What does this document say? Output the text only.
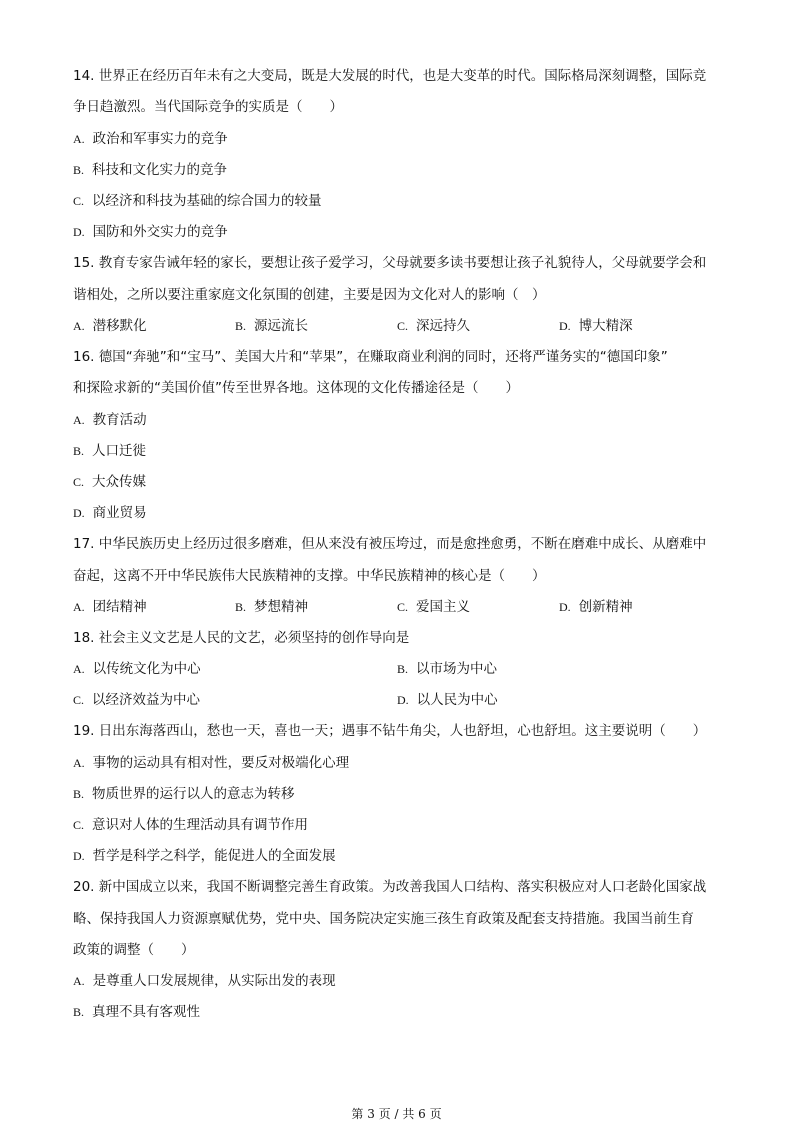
14. 世界正在经历百年未有之大变局，既是大发展的时代，也是大变革的时代。国际格局深刻调整，国际竞
争日趋激烈。当代国际竞争的实质是（　　）
A. 政治和军事实力的竞争
B. 科技和文化实力的竞争
C. 以经济和科技为基础的综合国力的较量
D. 国防和外交实力的竞争
15. 教育专家告诫年轻的家长，要想让孩子爱学习，父母就要多读书要想让孩子礼貌待人，父母就要学会和
谐相处，之所以要注重家庭文化氛围的创建，主要是因为文化对人的影响（　）
A. 潜移默化	B. 源远流长	C. 深远持久	D. 博大精深
16. 德国“奔驰”和“宝马”、美国大片和“苹果”，在赚取商业利润的同时，还将严谨务实的“德国印象”
和探险求新的“美国价值”传至世界各地。这体现的文化传播途径是（　　）
A. 教育活动
B. 人口迁徙
C. 大众传媒
D. 商业贸易
17. 中华民族历史上经历过很多磨难，但从来没有被压垮过，而是愈挫愈勇，不断在磨难中成长、从磨难中
奋起，这离不开中华民族伟大民族精神的支撑。中华民族精神的核心是（　　）
A. 团结精神	B. 梦想精神	C. 爱国主义	D. 创新精神
18. 社会主义文艺是人民的文艺，必须坚持的创作导向是
A. 以传统文化为中心	B. 以市场为中心
C. 以经济效益为中心	D. 以人民为中心
19. 日出东海落西山，愁也一天，喜也一天；遇事不钻牛角尖，人也舒坦，心也舒坦。这主要说明（　　）
A. 事物的运动具有相对性，要反对极端化心理
B. 物质世界的运行以人的意志为转移
C. 意识对人体的生理活动具有调节作用
D. 哲学是科学之科学，能促进人的全面发展
20. 新中国成立以来，我国不断调整完善生育政策。为改善我国人口结构、落实积极应对人口老龄化国家战
略、保持我国人力资源禀赋优势，党中央、国务院决定实施三孩生育政策及配套支持措施。我国当前生育
政策的调整（　　）
A. 是尊重人口发展规律，从实际出发的表现
B. 真理不具有客观性
第 3 页 / 共 6 页
